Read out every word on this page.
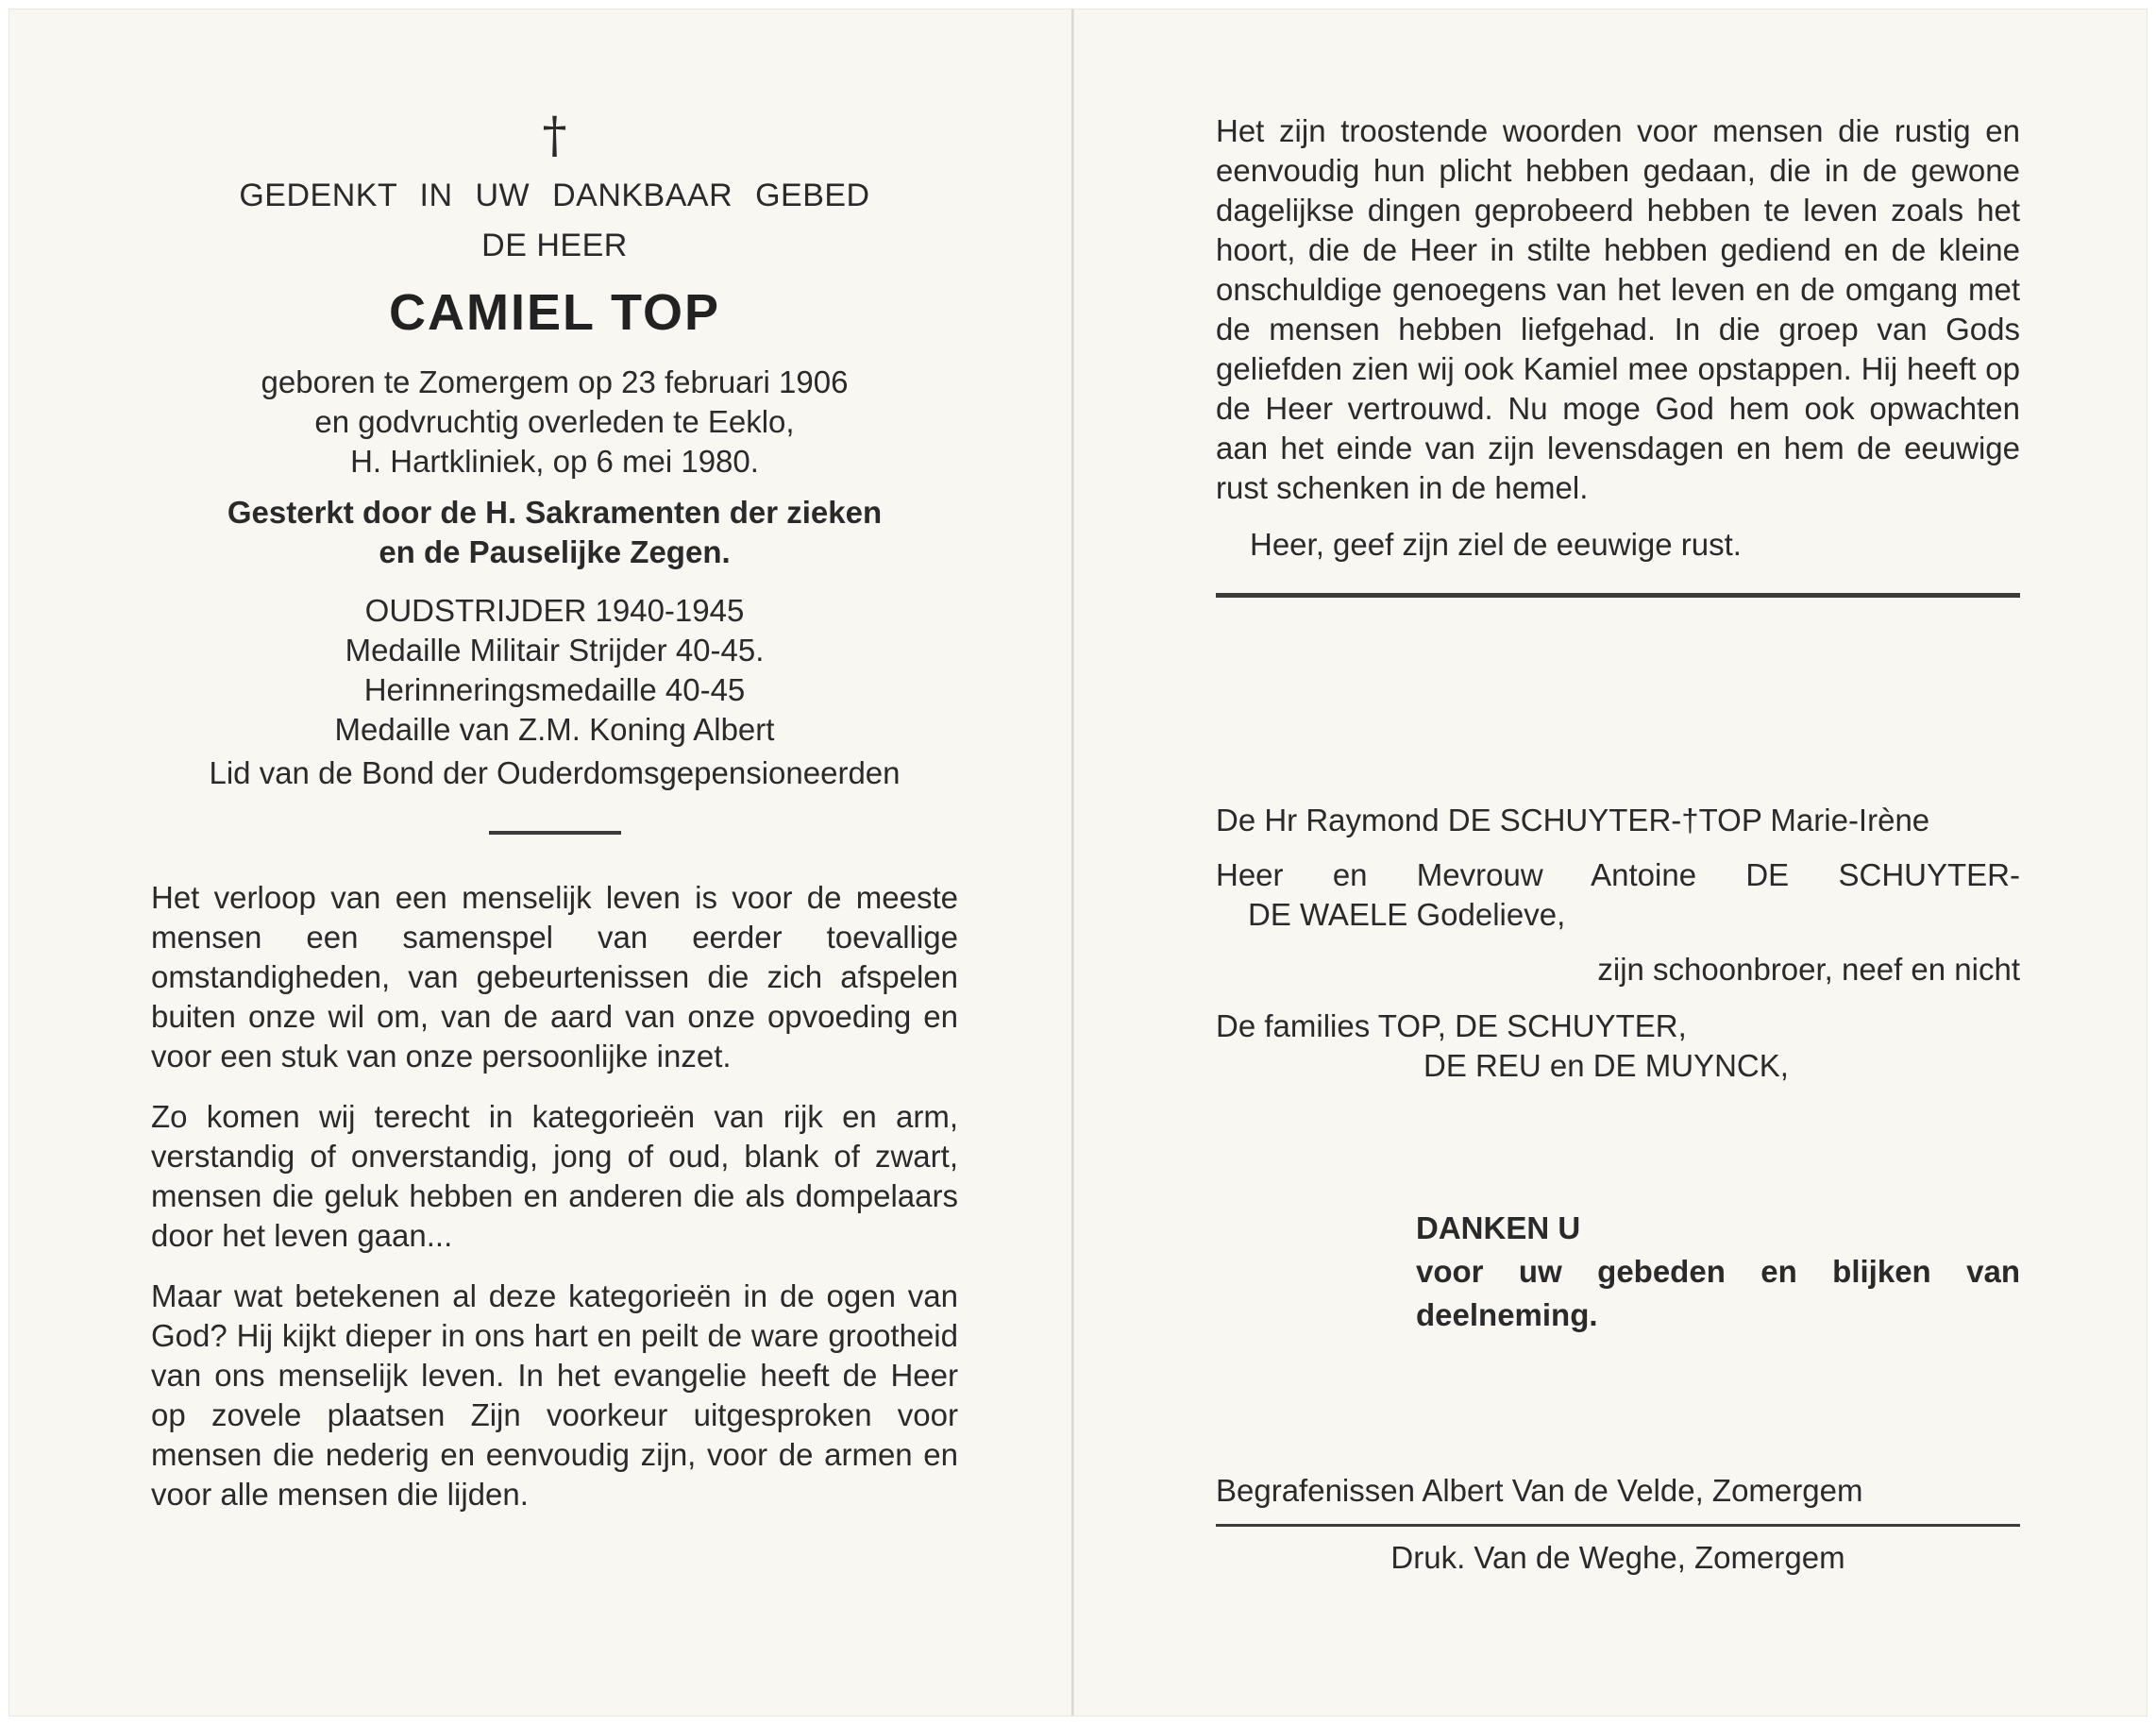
†
GEDENKT IN UW DANKBAAR GEBED
DE HEER
CAMIEL TOP
geboren te Zomergem op 23 februari 1906
en godvruchtig overleden te Eeklo,
H. Hartkliniek, op 6 mei 1980.
Gesterkt door de H. Sakramenten der zieken
en de Pauselijke Zegen.
OUDSTRIJDER 1940-1945
Medaille Militair Strijder 40-45.
Herinneringsmedaille 40-45
Medaille van Z.M. Koning Albert
Lid van de Bond der Ouderdomsgepensioneerden

Het verloop van een menselijk leven is voor de meeste mensen een samenspel van eerder toevallige omstandigheden, van gebeurtenissen die zich afspelen buiten onze wil om, van de aard van onze opvoeding en voor een stuk van onze persoonlijke inzet.

Zo komen wij terecht in kategorieën van rijk en arm, verstandig of onverstandig, jong of oud, blank of zwart, mensen die geluk hebben en anderen die als dompelaars door het leven gaan...

Maar wat betekenen al deze kategorieën in de ogen van God? Hij kijkt dieper in ons hart en peilt de ware grootheid van ons menselijk leven. In het evangelie heeft de Heer op zovele plaatsen Zijn voorkeur uitgesproken voor mensen die nederig en eenvoudig zijn, voor de armen en voor alle mensen die lijden.

Het zijn troostende woorden voor mensen die rustig en eenvoudig hun plicht hebben gedaan, die in de gewone dagelijkse dingen geprobeerd hebben te leven zoals het hoort, die de Heer in stilte hebben gediend en de kleine onschuldige genoegens van het leven en de omgang met de mensen hebben liefgehad. In die groep van Gods geliefden zien wij ook Kamiel mee opstappen. Hij heeft op de Heer vertrouwd. Nu moge God hem ook opwachten aan het einde van zijn levensdagen en hem de eeuwige rust schenken in de hemel.

Heer, geef zijn ziel de eeuwige rust.
De Hr Raymond DE SCHUYTER-†TOP Marie-Irène
Heer en Mevrouw Antoine DE SCHUYTER-
DE WAELE Godelieve,
zijn schoonbroer, neef en nicht
De families TOP, DE SCHUYTER,
DE REU en DE MUYNCK,
DANKEN U
voor uw gebeden en blijken van
deelneming.
Begrafenissen Albert Van de Velde, Zomergem
Druk. Van de Weghe, Zomergem
